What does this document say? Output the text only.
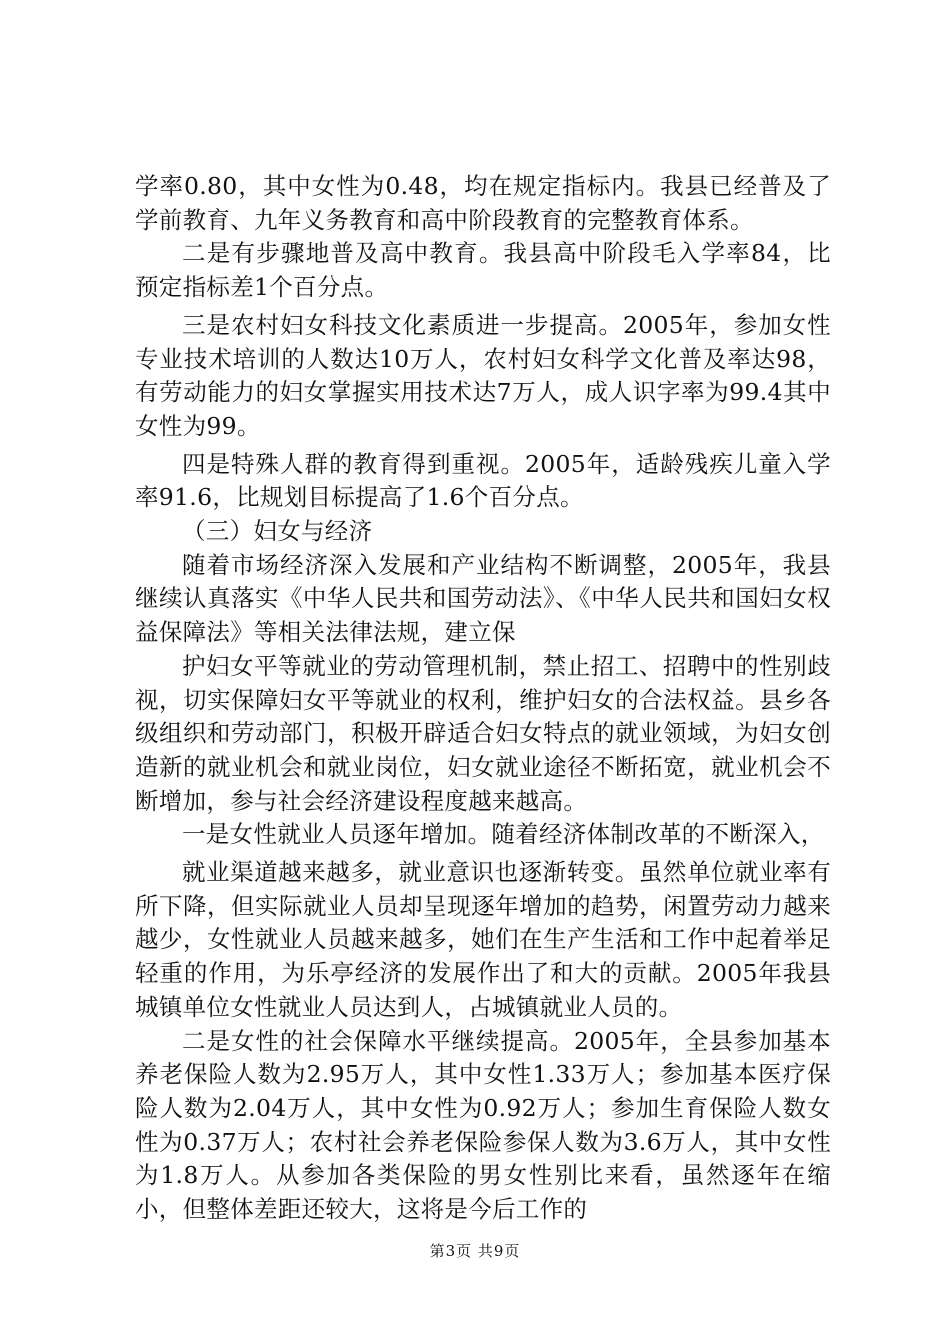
学率0.80，其中女性为0.48，均在规定指标内。我县已经普及了学前教育、九年义务教育和高中阶段教育的完整教育体系。

二是有步骤地普及高中教育。我县高中阶段毛入学率84，比预定指标差1个百分点。

三是农村妇女科技文化素质进一步提高。2005年，参加女性专业技术培训的人数达10万人，农村妇女科学文化普及率达98，有劳动能力的妇女掌握实用技术达7万人，成人识字率为99.4其中女性为99。

四是特殊人群的教育得到重视。2005年，适龄残疾儿童入学率91.6，比规划目标提高了1.6个百分点。

（三）妇女与经济

随着市场经济深入发展和产业结构不断调整，2005年，我县继续认真落实《中华人民共和国劳动法》、《中华人民共和国妇女权益保障法》等相关法律法规，建立保

护妇女平等就业的劳动管理机制，禁止招工、招聘中的性别歧视，切实保障妇女平等就业的权利，维护妇女的合法权益。县乡各级组织和劳动部门，积极开辟适合妇女特点的就业领域，为妇女创造新的就业机会和就业岗位，妇女就业途径不断拓宽，就业机会不断增加，参与社会经济建设程度越来越高。

一是女性就业人员逐年增加。随着经济体制改革的不断深入，

就业渠道越来越多，就业意识也逐渐转变。虽然单位就业率有所下降，但实际就业人员却呈现逐年增加的趋势，闲置劳动力越来越少，女性就业人员越来越多，她们在生产生活和工作中起着举足轻重的作用，为乐亭经济的发展作出了和大的贡献。2005年我县城镇单位女性就业人员达到人，占城镇就业人员的。

二是女性的社会保障水平继续提高。2005年，全县参加基本养老保险人数为2.95万人，其中女性1.33万人；参加基本医疗保险人数为2.04万人，其中女性为0.92万人；参加生育保险人数女性为0.37万人；农村社会养老保险参保人数为3.6万人，其中女性为1.8万人。从参加各类保险的男女性别比来看，虽然逐年在缩小，但整体差距还较大，这将是今后工作的

第3页 共9页
